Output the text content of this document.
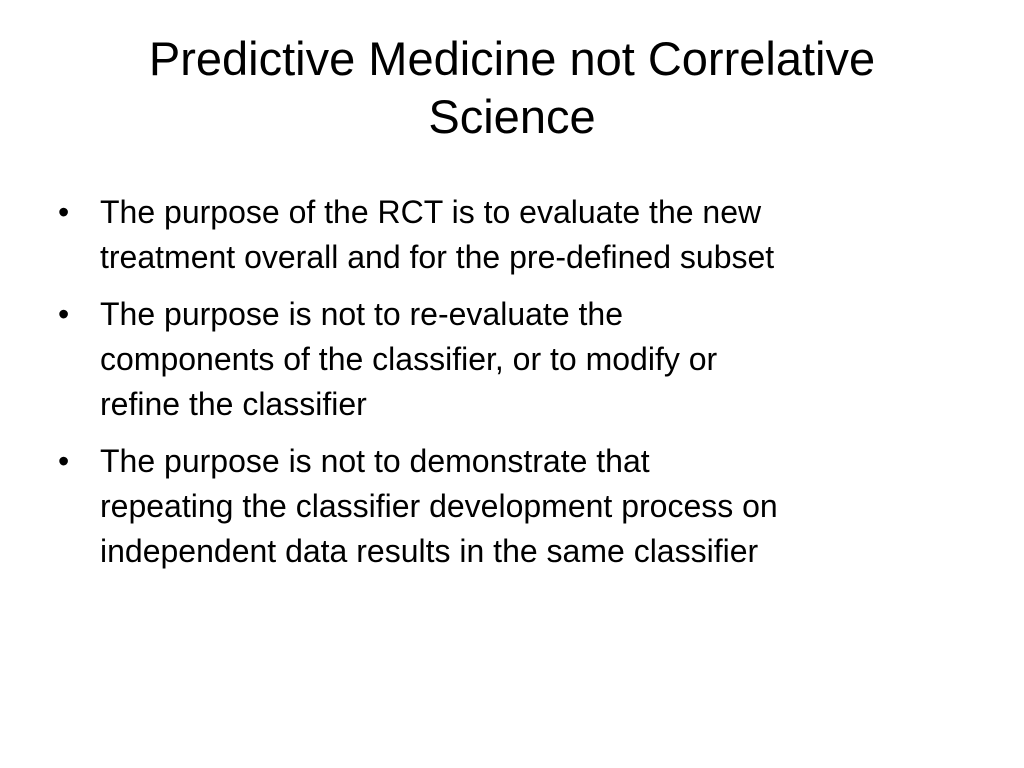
Predictive Medicine not Correlative
Science
• The purpose of the RCT is to evaluate the new
treatment overall and for the pre-defined subset
• The purpose is not to re-evaluate the
components of the classifier, or to modify or
refine the classifier
• The purpose is not to demonstrate that
repeating the classifier development process on
independent data results in the same classifier
